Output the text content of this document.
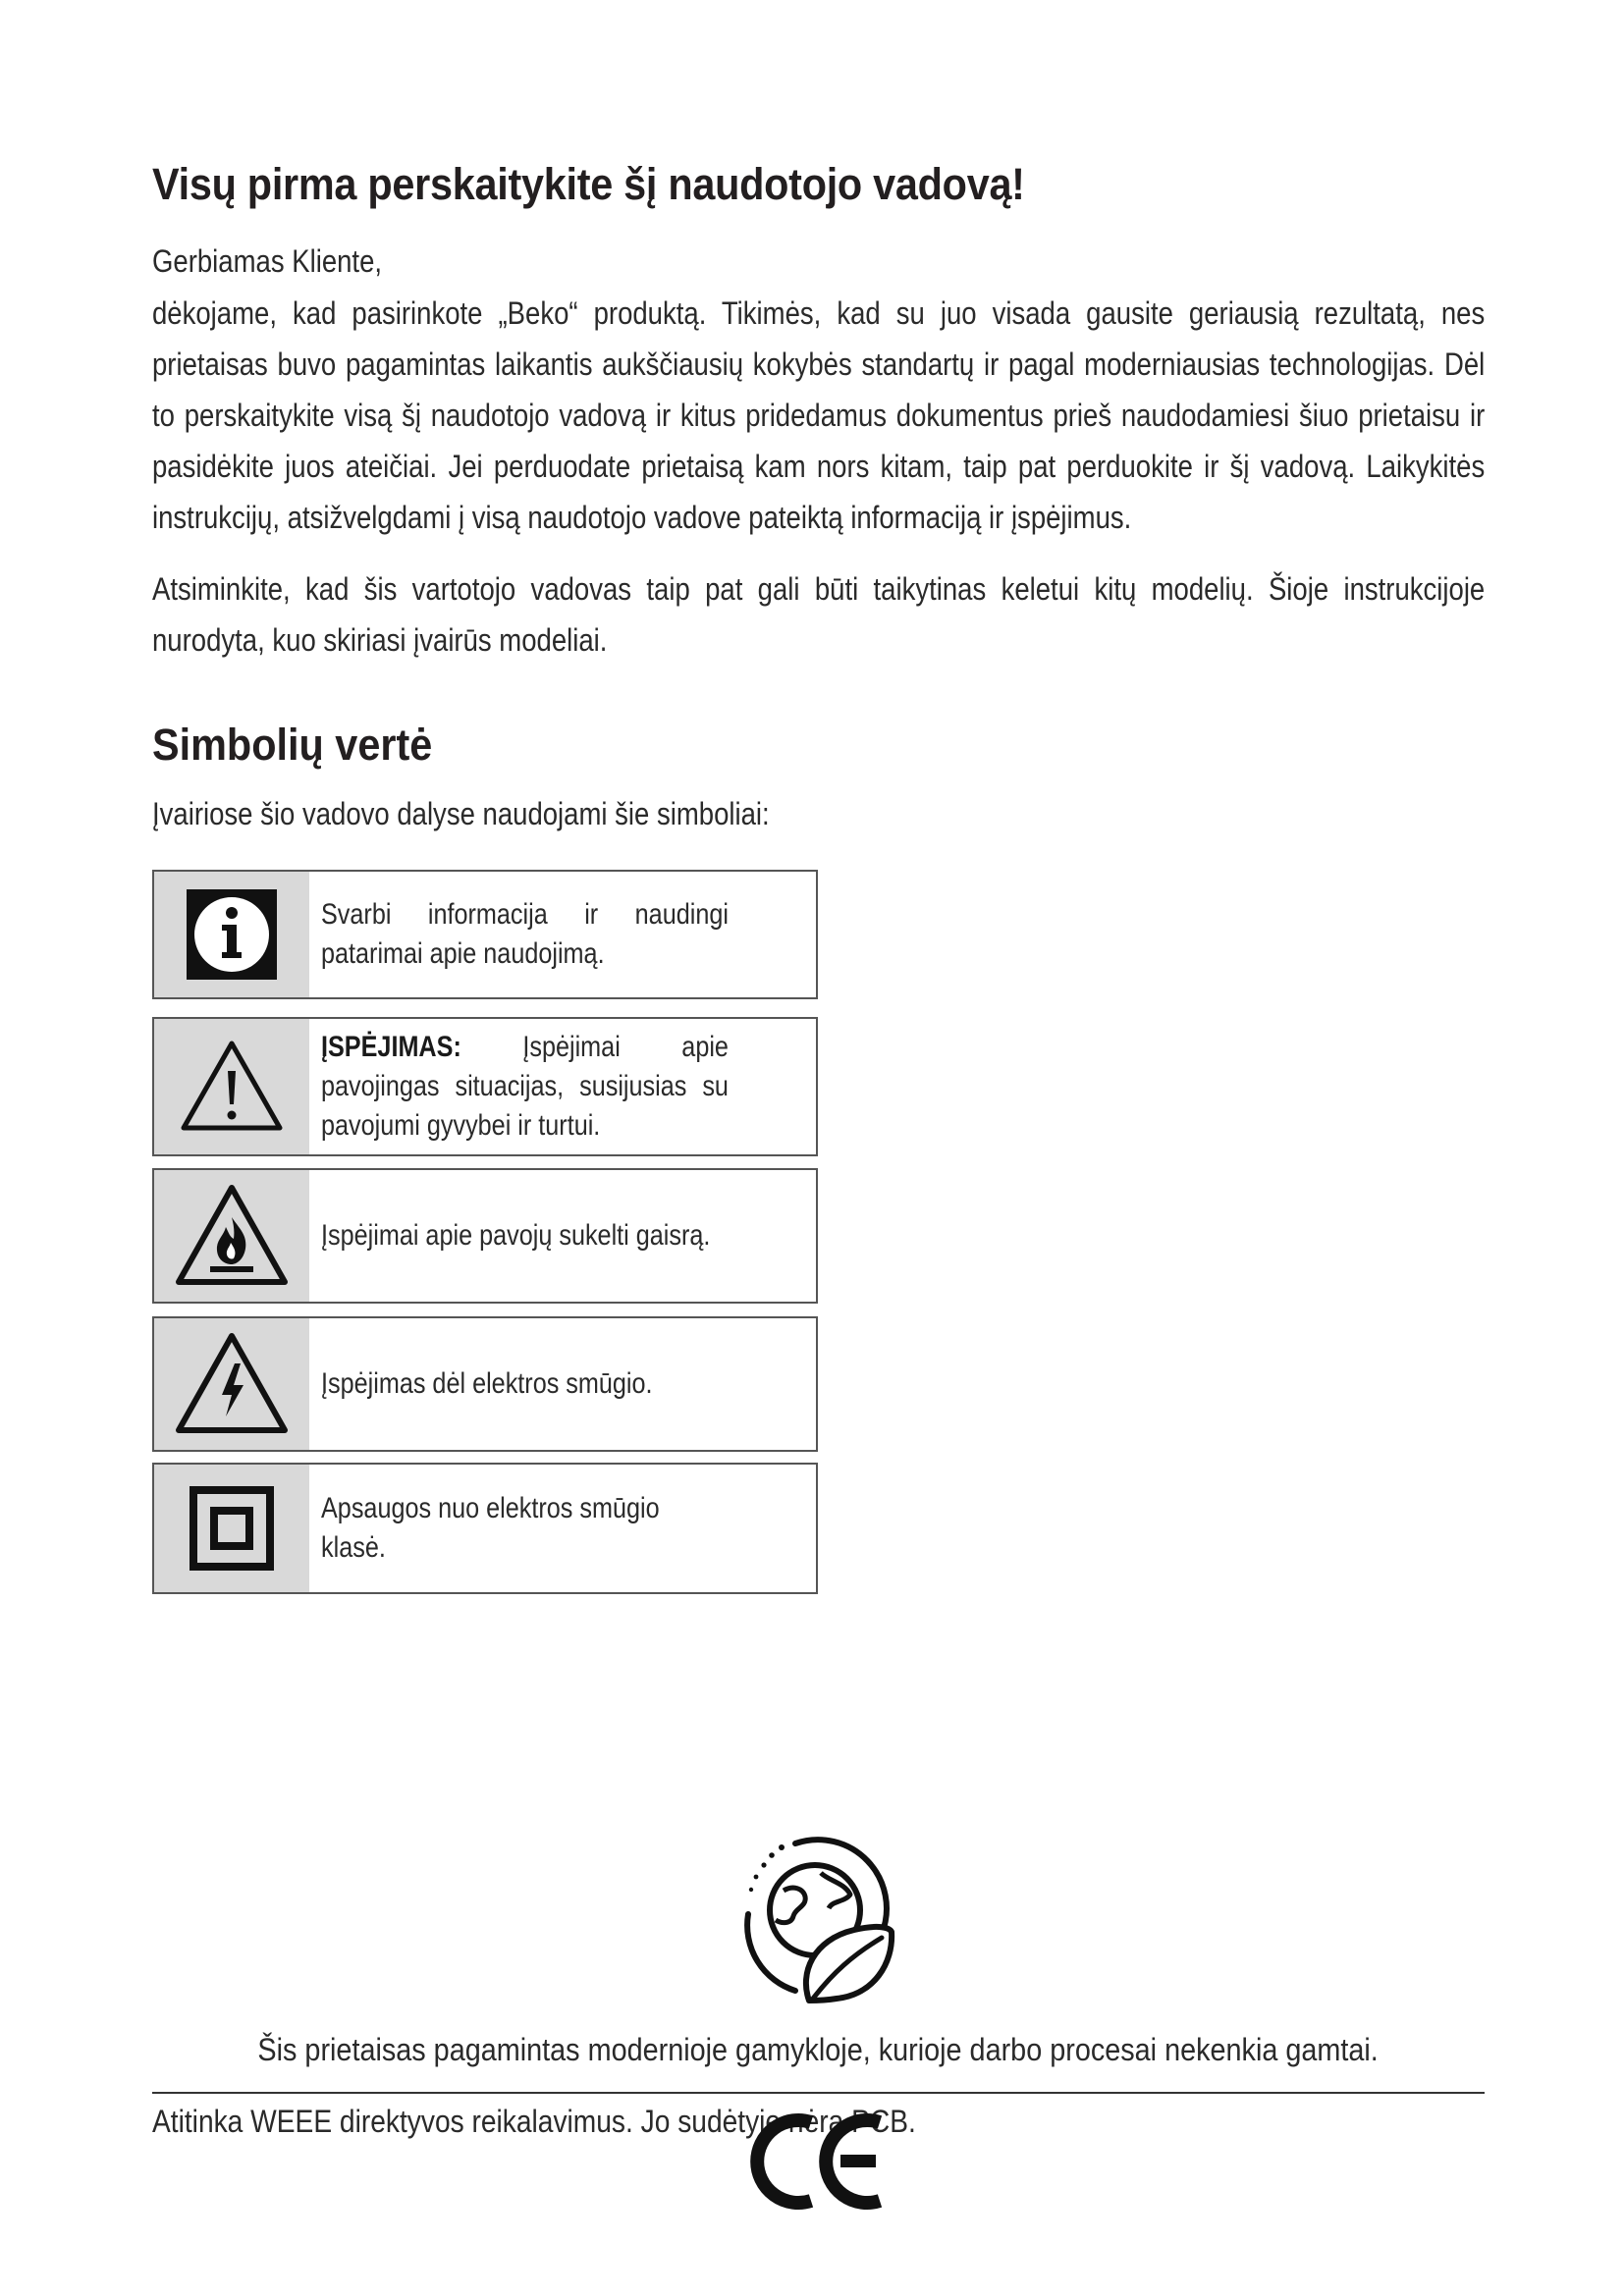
Visų pirma perskaitykite šį naudotojo vadovą!
Gerbiamas Kliente,
dėkojame, kad pasirinkote „Beko“ produktą. Tikimės, kad su juo visada gausite geriausią rezultatą, nes prietaisas buvo pagamintas laikantis aukščiausių kokybės standartų ir pagal moderniausias technologijas. Dėl to perskaitykite visą šį naudotojo vadovą ir kitus pridedamus dokumentus prieš naudodamiesi šiuo prietaisu ir pasidėkite juos ateičiai. Jei perduodate prietaisą kam nors kitam, taip pat perduokite ir šį vadovą. Laikykitės instrukcijų, atsižvelgdami į visą naudotojo vadove pateiktą informaciją ir įspėjimus.
Atsiminkite, kad šis vartotojo vadovas taip pat gali būti taikytinas keletui kitų modelių. Šioje instrukcijoje nurodyta, kuo skiriasi įvairūs modeliai.
Simbolių vertė
Įvairiose šio vadovo dalyse naudojami šie simboliai:
Svarbi informacija ir naudingi patarimai apie naudojimą.
ĮSPĖJIMAS: Įspėjimai apie pavojingas situacijas, susijusias su pavojumi gyvybei ir turtui.
Įspėjimai apie pavojų sukelti gaisrą.
Įspėjimas dėl elektros smūgio.
Apsaugos nuo elektros smūgio klasė.
Šis prietaisas pagamintas modernioje gamykloje, kurioje darbo procesai nekenkia gamtai.
Atitinka WEEE direktyvos reikalavimus. Jo sudėtyje nėra PCB.
